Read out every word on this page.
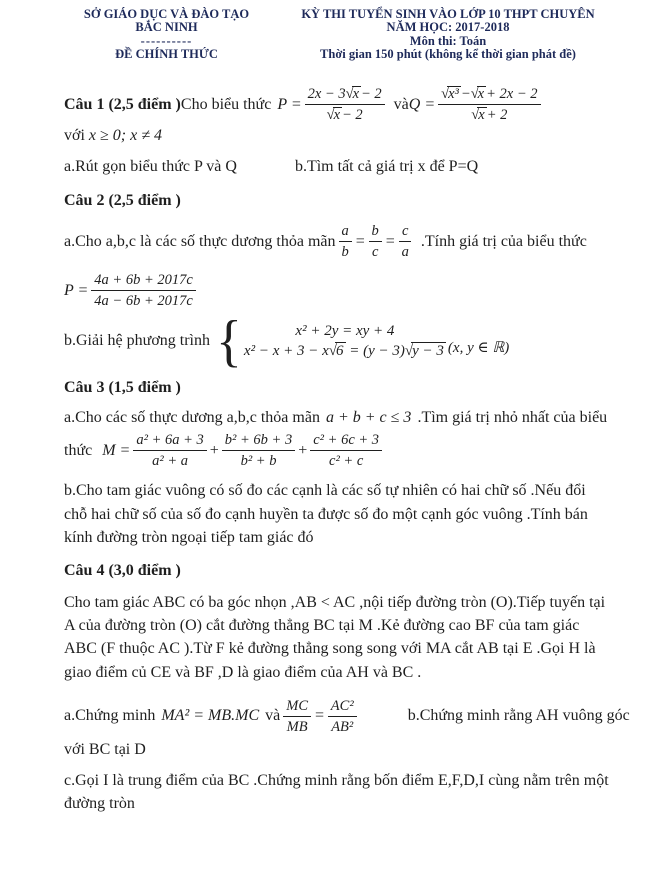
SỞ GIÁO DỤC VÀ ĐÀO TẠO
BẮC NINH
----------
ĐỀ CHÍNH THỨC
KỲ THI TUYỂN SINH VÀO LỚP 10 THPT CHUYÊN
NĂM HỌC: 2017-2018
Môn thi: Toán
Thời gian 150 phút (không kể thời gian phát đề)
Câu 1 (2,5 điểm ) Cho biểu thức $P = \frac{2x - 3√x - 2}{√x - 2}$ và $Q = \frac{\text{√x³ −√x + 2x − 2}}{√x + 2}$
với x ≥ 0; x ≠ 4
a.Rút gọn biểu thức P và Q	b.Tìm tất cả giá trị x để P=Q
Câu 2 (2,5 điểm )
a.Cho a,b,c là các số thực dương thỏa mãn $\frac{a}{b} = \frac{b}{c} = \frac{c}{a}$ .Tính giá trị của biểu thức
$P = \frac{4a + 6b + 2017c}{4a - 6b + 2017c}$
b.Giải hệ phương trình {	x² + 2y = xy + 4
x² − x + 3 − x√6 = (y − 3)√y − 3 (x, y ∈ ℝ)
Câu 3 (1,5 điểm )
a.Cho các số thực dương a,b,c thỏa mãn a + b + c ≤ 3 .Tìm giá trị nhỏ nhất của biểu
thức $M = \frac{\text{a² + 6a + 3}}{\text{a² + a}} + \frac{\text{b² + 6b + 3}}{\text{b² + b}} + \frac{\text{c² + 6c + 3}}{\text{c² + c}}$
b.Cho tam giác vuông có số đo các cạnh là các số tự nhiên có hai chữ số .Nếu đổi chỗ hai chữ số của số đo cạnh huyền ta được số đo một cạnh góc vuông .Tính bán kính đường tròn ngoại tiếp tam giác đó
Câu 4 (3,0 điểm )
Cho tam giác ABC có ba góc nhọn ,AB < AC ,nội tiếp đường tròn (O).Tiếp tuyến tại A của đường tròn (O) cắt đường thẳng BC tại M .Kẻ đường cao BF của tam giác ABC (F thuộc AC ).Từ F kẻ đường thẳng song song với MA cắt AB tại E .Gọi H là giao điểm củ CE và BF ,D là giao điểm của AH và BC .
a.Chứng minh MA² = MB.MC và $\frac{MC}{MB} = \frac{\text{AC²}}{\text{AB²}}$	b.Chứng minh rằng AH vuông góc
với BC tại D
c.Gọi I là trung điểm của BC .Chứng minh rằng bốn điểm E,F,D,I cùng nằm trên một đường tròn
